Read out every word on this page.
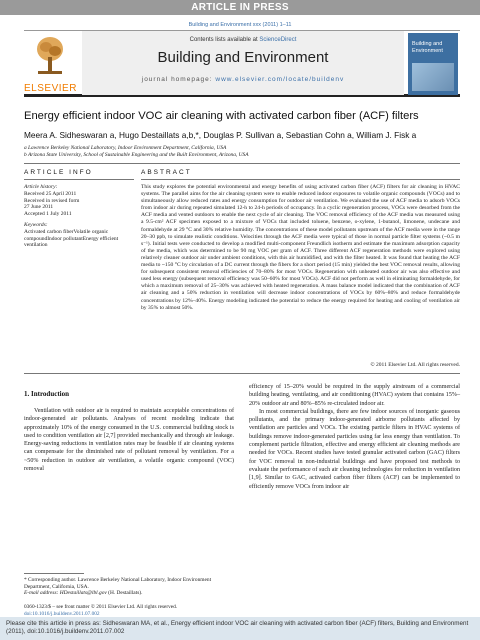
ARTICLE IN PRESS
Building and Environment xxx (2011) 1–11
ELSEVIER
Contents lists available at ScienceDirect
Building and Environment
journal homepage: www.elsevier.com/locate/buildenv
Building and Environment
Energy efficient indoor VOC air cleaning with activated carbon fiber (ACF) filters
Meera A. Sidheswaran a, Hugo Destaillats a,b,*, Douglas P. Sullivan a, Sebastian Cohn a, William J. Fisk a
a Lawrence Berkeley National Laboratory, Indoor Environment Department, California, USA
b Arizona State University, School of Sustainable Engineering and the Built Environment, Arizona, USA
ARTICLE INFO	ABSTRACT
Article history:
Received 25 April 2011
Received in revised form
27 June 2011
Accepted 1 July 2011
Keywords:
Activated carbon fiberVolatile organic
compoundIndoor pollutantEnergy efficient
ventilation
This study explores the potential environmental and energy benefits of using activated carbon fiber (ACF) filters for air cleaning in HVAC systems. The parallel aims for the air cleaning system were to enable reduced indoor exposures to volatile organic compounds (VOCs) and to simultaneously allow reduced rates and energy consumption for outdoor air ventilation. We evaluated the use of ACF media to adsorb VOCs from indoor air during repeated simulated 12-h to 24-h periods of occupancy. In a cyclic regeneration process, VOCs were desorbed from the ACF media and vented outdoors to enable the next cycle of air cleaning. The VOC removal efficiency of the ACF media was measured using a 9.5-cm² ACF specimen exposed to a mixture of VOCs that included toluene, benzene, o-xylene, 1-butanol, limonene, undecane and formaldehyde at 29 °C and 30% relative humidity. The concentrations of these model pollutants upstream of the ACF media were in the range 20–30 ppb, to simulate realistic conditions. Velocities through the ACF media were typical of those in normal particle filter systems (~0.5 m s⁻¹). Initial tests were conducted to develop a modified multi-component Freundlich isotherm and estimate the maximum adsorption capacity of the media, which was determined to be 90 mg VOC per gram of ACF. Three different ACF regeneration methods were explored using relatively cleaner outdoor air under ambient conditions, with this air humidified, and with the filter heated. It was found that heating the ACF media to ~150 °C by circulation of a DC current through the fibers for a short period (15 min) yielded the best VOC removal results, allowing for subsequent consistent removal efficiencies of 70–80% for most VOCs. Regeneration with unheated outdoor air was also effective and used less energy (subsequent removal efficiency was 50–60% for most VOCs). ACF did not perform as well in eliminating formaldehyde, for which a maximum removal of 25–30% was achieved with heated regeneration. A mass balance model indicated that the combination of ACF air cleaning and a 50% reduction in ventilation will decrease indoor concentrations of VOCs by 60%–80% and reduce formaldehyde concentrations by 12%–40%. Energy modeling indicated the potential to reduce the energy required for heating and cooling of ventilation air by 35% to almost 50%.
© 2011 Elsevier Ltd. All rights reserved.
1. Introduction
Ventilation with outdoor air is required to maintain acceptable concentrations of indoor-generated air pollutants. Analyses of recent modeling indicate that approximately 10% of the energy consumed in the U.S. commercial building stock is used to condition ventilation air [2,7] provided mechanically and through air leakage. Energy-saving reductions in ventilation rates may be feasible if air cleaning systems can compensate for the diminished rate of pollutant removal by ventilation. For a ~50% reduction in outdoor air ventilation, a volatile organic compound (VOC) removal

efficiency of 15–20% would be required in the supply airstream of a commercial building heating, ventilating, and air conditioning (HVAC) system that contains 15%–20% outdoor air and 80%–85% re-circulated indoor air.

In most commercial buildings, there are few indoor sources of inorganic gaseous pollutants, and the primary indoor-generated airborne pollutants affected by ventilation are particles and VOCs. The existing particle filters in HVAC systems of buildings remove indoor-generated particles using far less energy than ventilation. To complement particle filtration, effective and energy efficient air cleaning methods are needed for VOCs. Recent studies have tested granular activated carbon (GAC) filters for VOC removal in non-industrial buildings and have proposed test methods to evaluate the performance of such air cleaning technologies for reduction in ventilation [1,9]. Similar to GAC, activated carbon fiber filters (ACF) can be implemented to efficiently remove VOCs from indoor air

* Corresponding author. Lawrence Berkeley National Laboratory, Indoor Environment Department, California, USA.
E-mail address: HDestaillats@lbl.gov (H. Destaillats).
0360-1323/$ – see front matter © 2011 Elsevier Ltd. All rights reserved.
doi:10.1016/j.buildenv.2011.07.002
Please cite this article in press as: Sidheswaran MA, et al., Energy efficient indoor VOC air cleaning with activated carbon fiber (ACF) filters, Building and Environment (2011), doi:10.1016/j.buildenv.2011.07.002
